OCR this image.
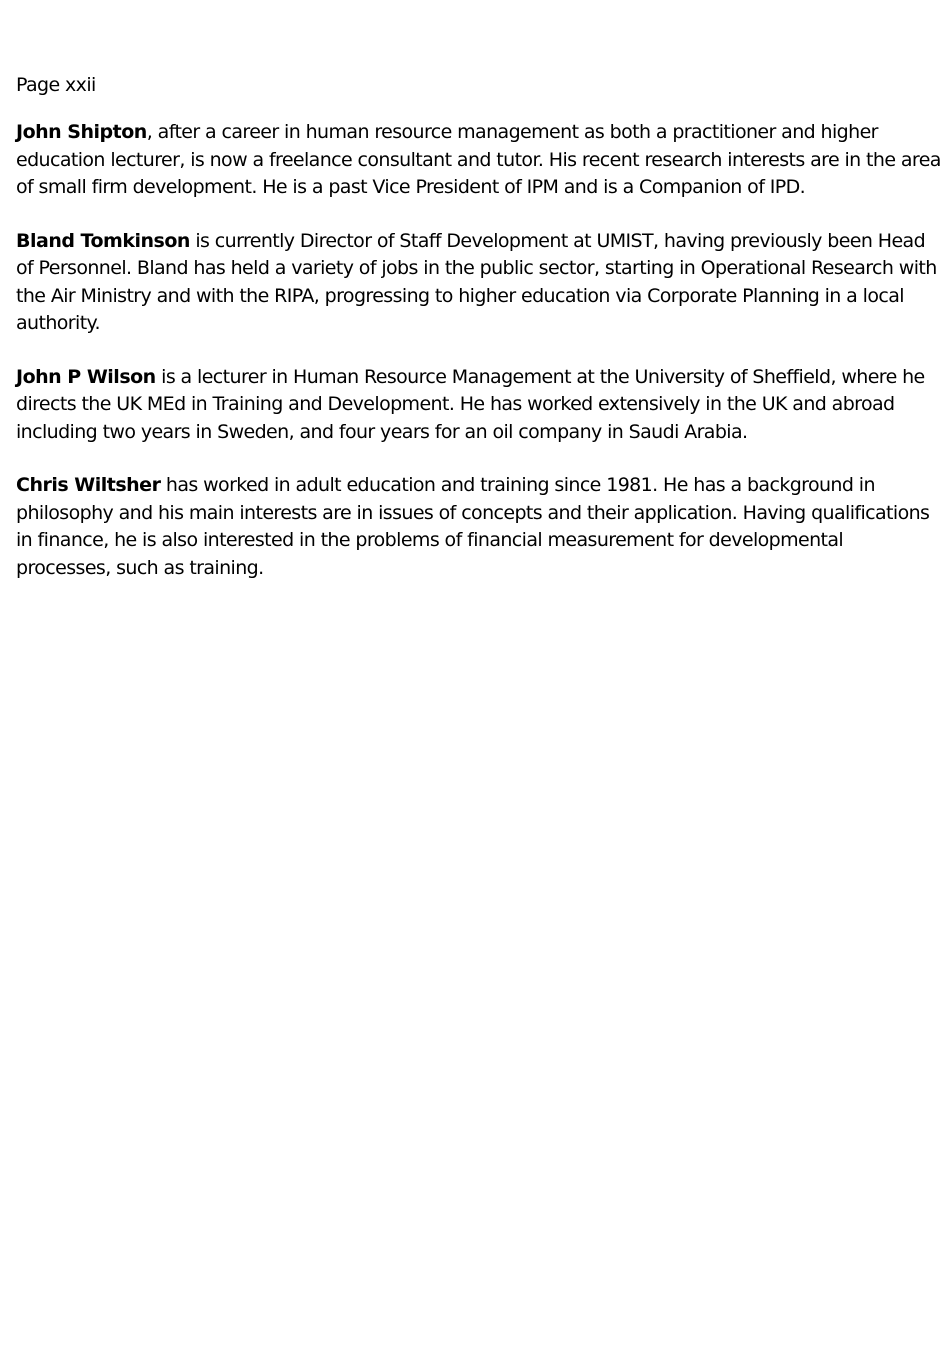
Page xxii

John Shipton, after a career in human resource management as both a practitioner and higher education lecturer, is now a freelance consultant and tutor. His recent research interests are in the area of small firm development. He is a past Vice President of IPM and is a Companion of IPD.

Bland Tomkinson is currently Director of Staff Development at UMIST, having previously been Head of Personnel. Bland has held a variety of jobs in the public sector, starting in Operational Research with the Air Ministry and with the RIPA, progressing to higher education via Corporate Planning in a local authority.

John P Wilson is a lecturer in Human Resource Management at the University of Sheffield, where he directs the UK MEd in Training and Development. He has worked extensively in the UK and abroad including two years in Sweden, and four years for an oil company in Saudi Arabia.

Chris Wiltsher has worked in adult education and training since 1981. He has a background in philosophy and his main interests are in issues of concepts and their application. Having qualifications in finance, he is also interested in the problems of financial measurement for developmental processes, such as training.
